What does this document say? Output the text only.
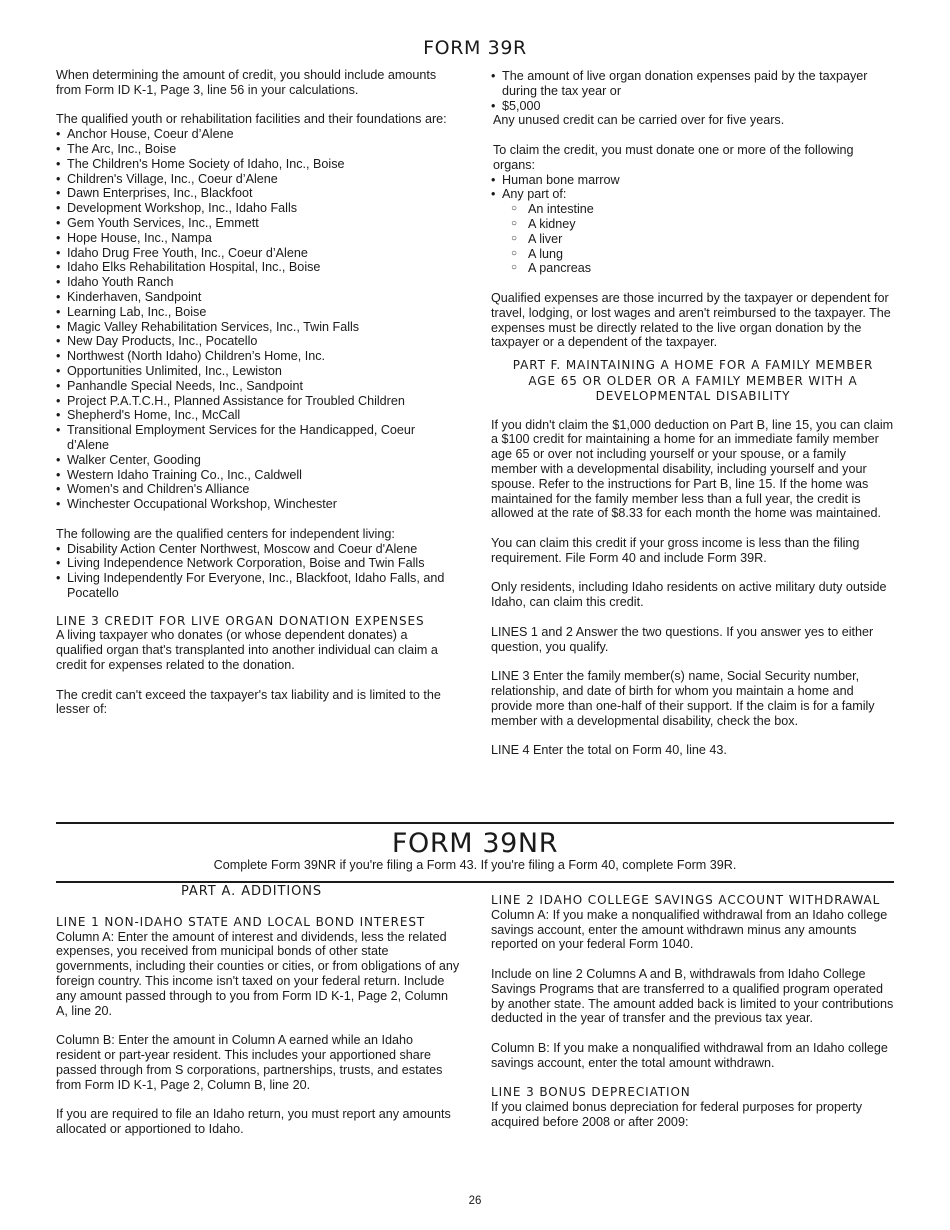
FORM 39R

When determining the amount of credit, you should include amounts from Form ID K-1, Page 3, line 56 in your calculations.

The qualified youth or rehabilitation facilities and their foundations are:

• Anchor House, Coeur d’Alene
• The Arc, Inc., Boise
• The Children's Home Society of Idaho, Inc., Boise
• Children's Village, Inc., Coeur d’Alene
• Dawn Enterprises, Inc., Blackfoot
• Development Workshop, Inc., Idaho Falls
• Gem Youth Services, Inc., Emmett
• Hope House, Inc., Nampa
• Idaho Drug Free Youth, Inc., Coeur d’Alene
• Idaho Elks Rehabilitation Hospital, Inc., Boise
• Idaho Youth Ranch
• Kinderhaven, Sandpoint
• Learning Lab, Inc., Boise
• Magic Valley Rehabilitation Services, Inc., Twin Falls
• New Day Products, Inc., Pocatello
• Northwest (North Idaho) Children’s Home, Inc.
• Opportunities Unlimited, Inc., Lewiston
• Panhandle Special Needs, Inc., Sandpoint
• Project P.A.T.C.H., Planned Assistance for Troubled Children
• Shepherd's Home, Inc., McCall
• Transitional Employment Services for the Handicapped, Coeur d’Alene
• Walker Center, Gooding
• Western Idaho Training Co., Inc., Caldwell
• Women's and Children's Alliance
• Winchester Occupational Workshop, Winchester

The following are the qualified centers for independent living:

• Disability Action Center Northwest, Moscow and Coeur d'Alene
• Living Independence Network Corporation, Boise and Twin Falls
• Living Independently For Everyone, Inc., Blackfoot, Idaho Falls, and Pocatello

LINE 3 CREDIT FOR LIVE ORGAN DONATION EXPENSES

A living taxpayer who donates (or whose dependent donates) a qualified organ that's transplanted into another individual can claim a credit for expenses related to the donation.

The credit can't exceed the taxpayer's tax liability and is limited to the lesser of:

• The amount of live organ donation expenses paid by the taxpayer during the tax year or
• $5,000

Any unused credit can be carried over for five years.

To claim the credit, you must donate one or more of the following organs:

• Human bone marrow
• Any part of:
○ An intestine
○ A kidney
○ A liver
○ A lung
○ A pancreas

Qualified expenses are those incurred by the taxpayer or dependent for travel, lodging, or lost wages and aren't reimbursed to the taxpayer. The expenses must be directly related to the live organ donation by the taxpayer or a dependent of the taxpayer.

PART F. MAINTAINING A HOME FOR A FAMILY MEMBER AGE 65 OR OLDER OR A FAMILY MEMBER WITH A DEVELOPMENTAL DISABILITY

If you didn't claim the $1,000 deduction on Part B, line 15, you can claim a $100 credit for maintaining a home for an immediate family member age 65 or over not including yourself or your spouse, or a family member with a developmental disability, including yourself and your spouse. Refer to the instructions for Part B, line 15. If the home was maintained for the family member less than a full year, the credit is allowed at the rate of $8.33 for each month the home was maintained.

You can claim this credit if your gross income is less than the filing requirement. File Form 40 and include Form 39R.

Only residents, including Idaho residents on active military duty outside Idaho, can claim this credit.

LINES 1 and 2 Answer the two questions. If you answer yes to either question, you qualify.

LINE 3 Enter the family member(s) name, Social Security number, relationship, and date of birth for whom you maintain a home and provide more than one-half of their support. If the claim is for a family member with a developmental disability, check the box.

LINE 4 Enter the total on Form 40, line 43.

FORM 39NR
Complete Form 39NR if you're filing a Form 43. If you're filing a Form 40, complete Form 39R.

PART A. ADDITIONS

LINE 1 NON-IDAHO STATE AND LOCAL BOND INTEREST

Column A: Enter the amount of interest and dividends, less the related expenses, you received from municipal bonds of other state governments, including their counties or cities, or from obligations of any foreign country. This income isn't taxed on your federal return. Include any amount passed through to you from Form ID K-1, Page 2, Column A, line 20.

Column B: Enter the amount in Column A earned while an Idaho resident or part-year resident. This includes your apportioned share passed through from S corporations, partnerships, trusts, and estates from Form ID K-1, Page 2, Column B, line 20.

If you are required to file an Idaho return, you must report any amounts allocated or apportioned to Idaho.

LINE 2 IDAHO COLLEGE SAVINGS ACCOUNT WITHDRAWAL

Column A: If you make a nonqualified withdrawal from an Idaho college savings account, enter the amount withdrawn minus any amounts reported on your federal Form 1040.

Include on line 2 Columns A and B, withdrawals from Idaho College Savings Programs that are transferred to a qualified program operated by another state. The amount added back is limited to your contributions deducted in the year of transfer and the previous tax year.

Column B: If you make a nonqualified withdrawal from an Idaho college savings account, enter the total amount withdrawn.

LINE 3 BONUS DEPRECIATION

If you claimed bonus depreciation for federal purposes for property acquired before 2008 or after 2009:

26
